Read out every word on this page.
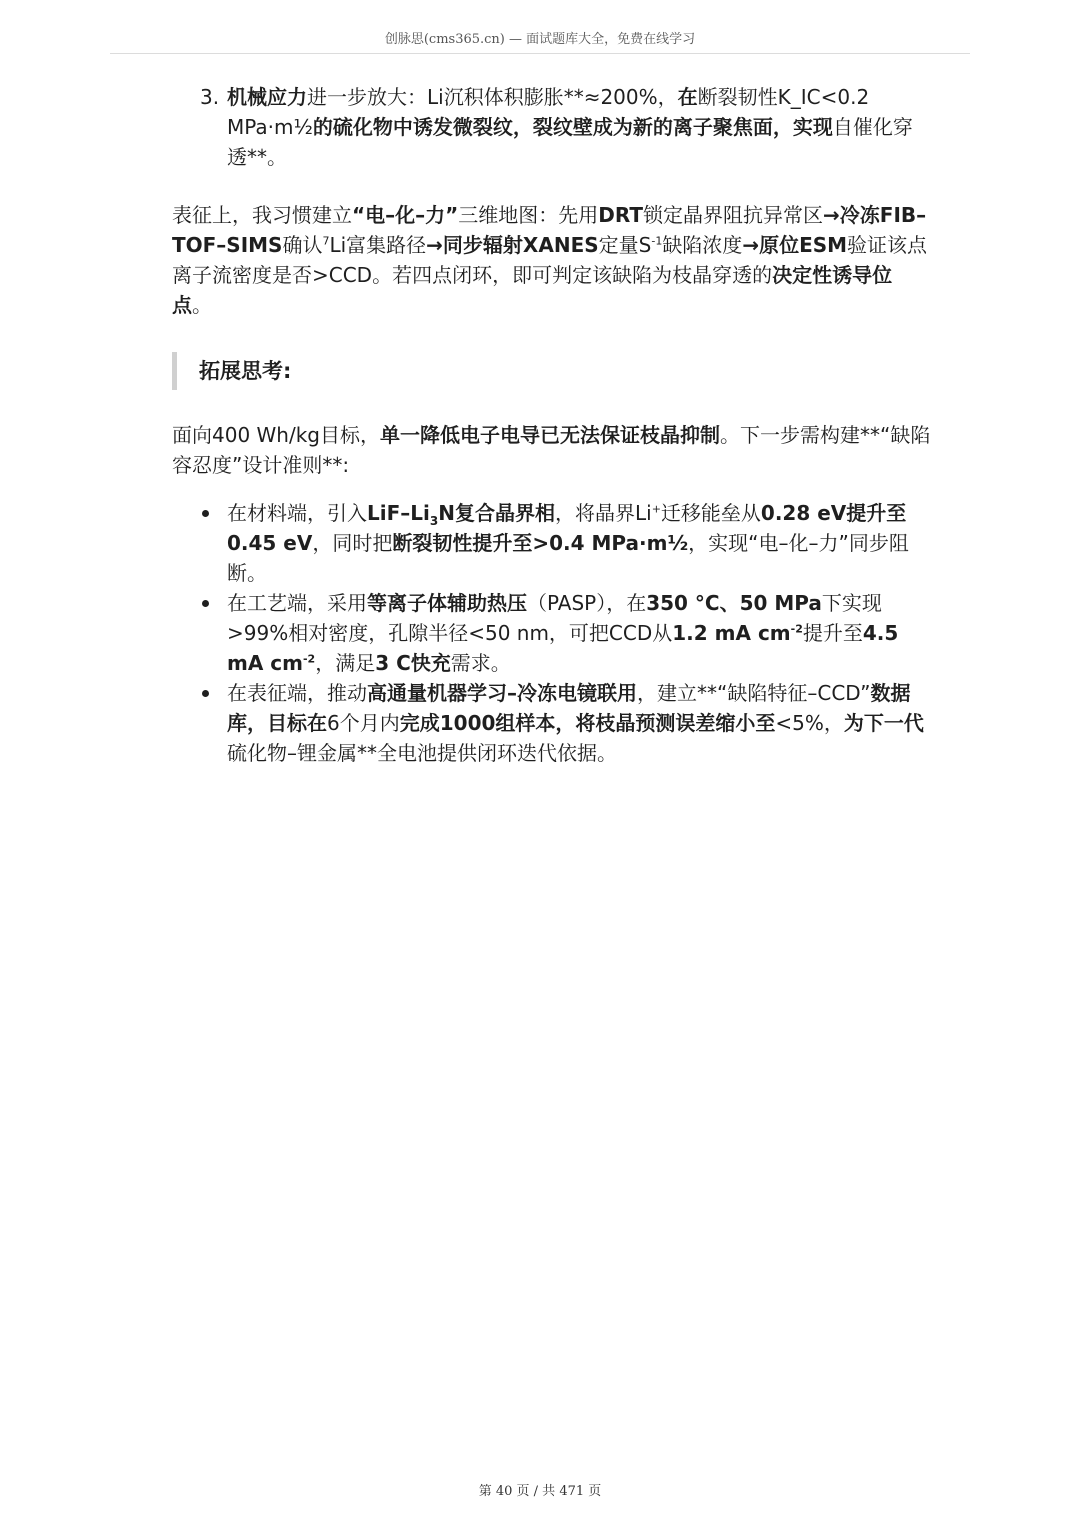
创脉思(cms365.cn) — 面试题库大全，免费在线学习
3. 机械应力进一步放大：Li沉积体积膨胀**≈200%，在断裂韧性K_IC<0.2 MPa·m½的硫化物中诱发微裂纹，裂纹壁成为新的离子聚焦面，实现自催化穿透**。

表征上，我习惯建立“电–化–力”三维地图：先用DRT锁定晶界阻抗异常区→冷冻FIB–TOF–SIMS确认$^7$Li富集路径→同步辐射XANES定量$S^{-1}$缺陷浓度→原位ESM验证该点离子流密度是否>CCD。若四点闭环，即可判定该缺陷为枝晶穿透的决定性诱导位点。

拓展思考:

面向400 Wh/kg目标，单一降低电子电导已无法保证枝晶抑制。下一步需构建**“缺陷容忍度”设计准则**:

在材料端，引入LiF–$Li_3N$复合晶界相，将晶界Li+迁移能垒从0.28 eV提升至0.45 eV，同时把断裂韧性提升至>0.4 MPa·m½，实现“电–化–力”同步阻断。
在工艺端，采用等离子体辅助热压（PASP），在350 °C、50 MPa下实现>99%相对密度，孔隙半径<50 nm，可把CCD从1.2 mA $cm^{-2}$提升至4.5 mA $cm^{-2}$，满足3 C快充需求。
在表征端，推动高通量机器学习–冷冻电镜联用，建立**“缺陷特征–CCD”数据库，目标在6个月内完成1000组样本，将枝晶预测误差缩小至<5%，为下一代硫化物–锂金属**全电池提供闭环迭代依据。
第 40 页 / 共 471 页
